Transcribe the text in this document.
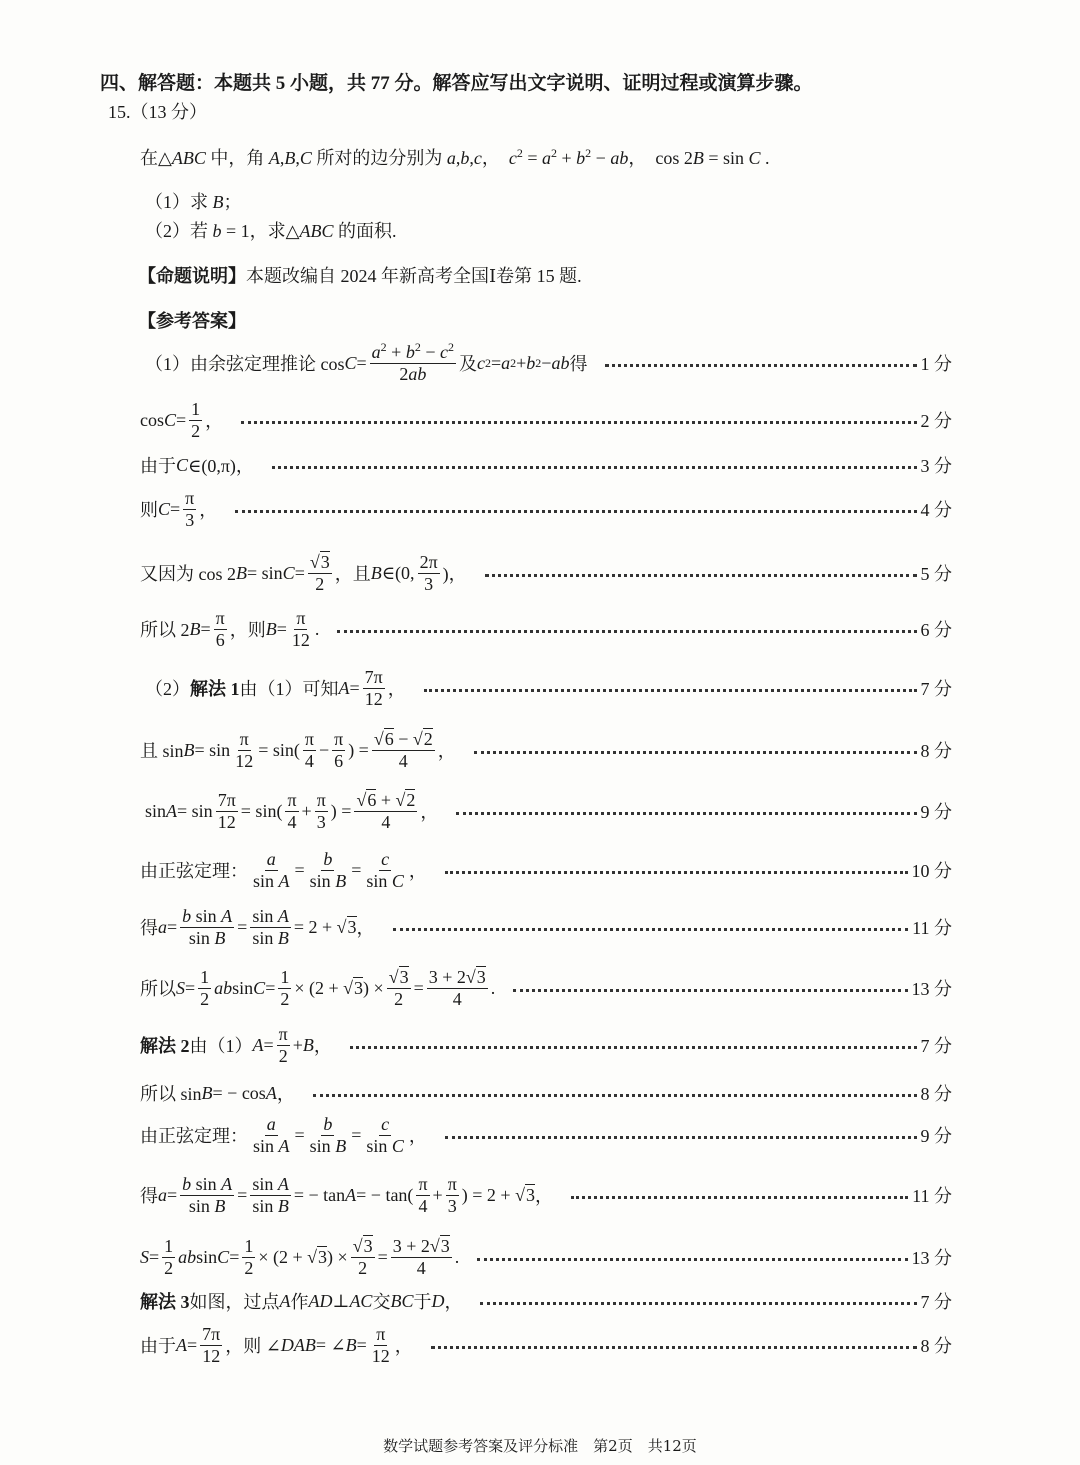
四、解答题：本题共 5 小题，共 77 分。解答应写出文字说明、证明过程或演算步骤。
15.（13 分）
在△ABC 中，角 A,B,C 所对的边分别为 a,b,c，  $c^2 = a^2 + b^2$ − ab，  cos 2B = sin C .
（1）求 B；
（2）若 b = 1，求△ABC 的面积.
【命题说明】本题改编自 2024 年新高考全国Ⅰ卷第 15 题.
【参考答案】
（1）由余弦定理推论 $\cos C = \frac{a^2 + b^2 - c^2}{2ab}$ 及 c 2 = a 2 + b 2 − ab 得	1 分
$\cos C = \frac{1}{2}$ ，	2 分
由于 C ∈(0,π)，	3 分
则 $C = \frac{\pi}{3}$ ，	4 分
又因为 cos 2 $B = \sin C = \frac{√3}{2}$ ，且 B ∈(0, $\frac{2\pi}{3}$ )，	5 分
所以 2 $B = \frac{\pi}{6}$ ，则 $B = \frac{\pi}{12}$ .	6 分
（2） 解法 1 由（1）可知 $A = \frac{7\pi}{12}$ ，	7 分
且 $\sin B = \sin \frac{\pi}{12} = \sin( \frac{\pi}{4} - \frac{\pi}{6}$ ) = $\frac{√6 - √2}{4}$ ，	8 分
$\sin A = \sin \frac{7\pi}{12} = \sin( \frac{\pi}{4} + \frac{\pi}{3}$ ) = $\frac{√6 + √2}{4}$ ，	9 分
由正弦定理： $\frac{a}{\text{sin A}} = \frac{b}{\text{sin B}} = \frac{c}{\text{sin C}}$ ，	10 分
得 $a = \frac{\text{b sin A}}{\text{sin B}} = \frac{\text{sin A}}{\text{sin B}} = 2$ + √ 3 ，	11 分
所以 $S = \frac{1}{2}$ ab $\sin C = \frac{1}{2} \times (2$ + √ 3 ) × $\frac{√3}{2} = \frac{3 + 2√3}{4}$ .	13 分
解法 2 由（1） $A = \frac{\pi}{2} + B$ ，	7 分
所以 sin B = − cos A ，	8 分
由正弦定理： $\frac{a}{\text{sin A}} = \frac{b}{\text{sin B}} = \frac{c}{\text{sin C}}$ ，	9 分
得 $a = \frac{\text{b sin A}}{\text{sin B}} = \frac{\text{sin A}}{\text{sin B}}$ = − tan A = − $\tan( \frac{\pi}{4} + \frac{\pi}{3}$ ) = 2 + √ 3 ，	11 分
$S = \frac{1}{2}$ ab $\sin C = \frac{1}{2} \times (2$ + √ 3 ) × $\frac{√3}{2} = \frac{3 + 2√3}{4}$ .	13 分
解法 3 如图，过点 A 作 AD ⊥ AC 交 BC 于 D ，	7 分
由于 $A = \frac{7\pi}{12}$ ，则 ∠ DAB = ∠ $B = \frac{\pi}{12}$ ，	8 分
数学试题参考答案及评分标准　第2页　共12页
